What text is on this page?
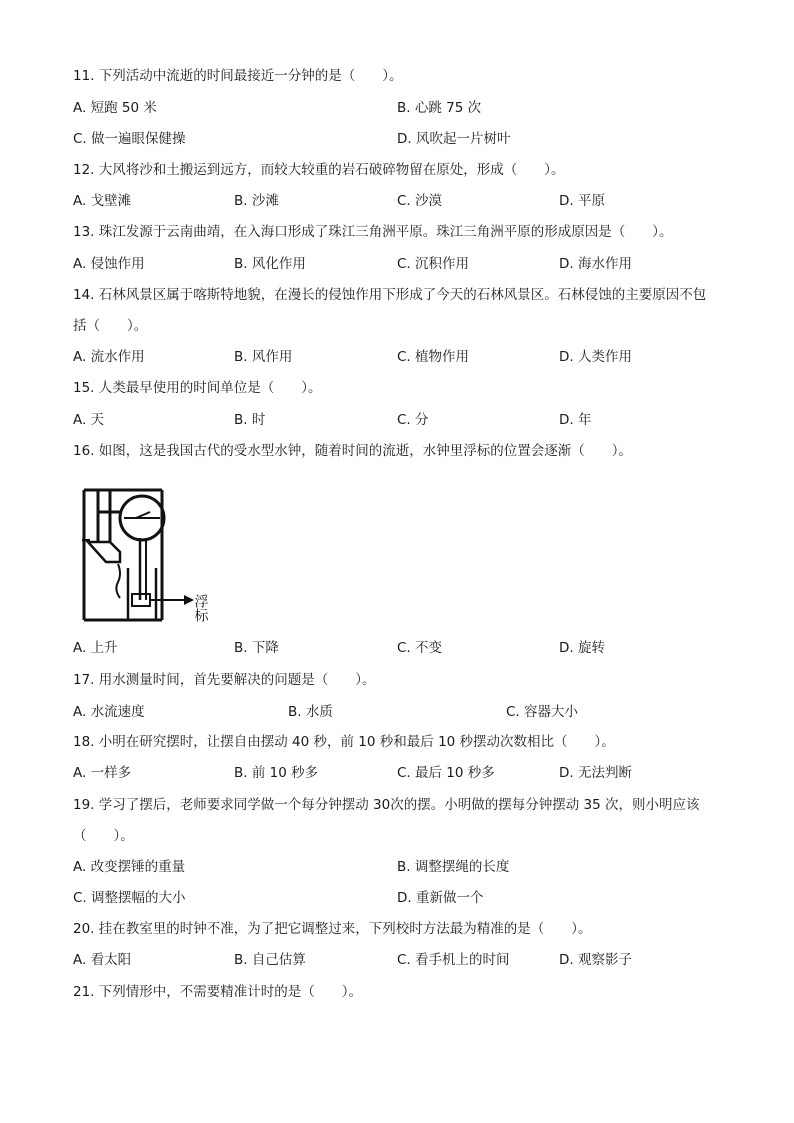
11. 下列活动中流逝的时间最接近一分钟的是（　　）。
A. 短跑 50 米	B. 心跳 75 次
C. 做一遍眼保健操	D. 风吹起一片树叶
12. 大风将沙和土搬运到远方，而较大较重的岩石破碎物留在原处，形成（　　）。
A. 戈壁滩	B. 沙滩	C. 沙漠	D. 平原
13. 珠江发源于云南曲靖，在入海口形成了珠江三角洲平原。珠江三角洲平原的形成原因是（　　）。
A. 侵蚀作用	B. 风化作用	C. 沉积作用	D. 海水作用
14. 石林风景区属于喀斯特地貌，在漫长的侵蚀作用下形成了今天的石林风景区。石林侵蚀的主要原因不包
括（　　）。
A. 流水作用	B. 风作用	C. 植物作用	D. 人类作用
15. 人类最早使用的时间单位是（　　）。
A. 天	B. 时	C. 分	D. 年
16. 如图，这是我国古代的受水型水钟，随着时间的流逝，水钟里浮标的位置会逐渐（　　）。
浮标
A. 上升	B. 下降	C. 不变	D. 旋转
17. 用水测量时间，首先要解决的问题是（　　）。
A. 水流速度	B. 水质	C. 容器大小
18. 小明在研究摆时，让摆自由摆动 40 秒，前 10 秒和最后 10 秒摆动次数相比（　　）。
A. 一样多	B. 前 10 秒多	C. 最后 10 秒多	D. 无法判断
19. 学习了摆后，老师要求同学做一个每分钟摆动 30次的摆。小明做的摆每分钟摆动 35 次，则小明应该
（　　）。
A. 改变摆锤的重量	B. 调整摆绳的长度
C. 调整摆幅的大小	D. 重新做一个
20. 挂在教室里的时钟不准，为了把它调整过来，下列校时方法最为精准的是（　　）。
A. 看太阳	B. 自己估算	C. 看手机上的时间	D. 观察影子
21. 下列情形中，不需要精准计时的是（　　）。
